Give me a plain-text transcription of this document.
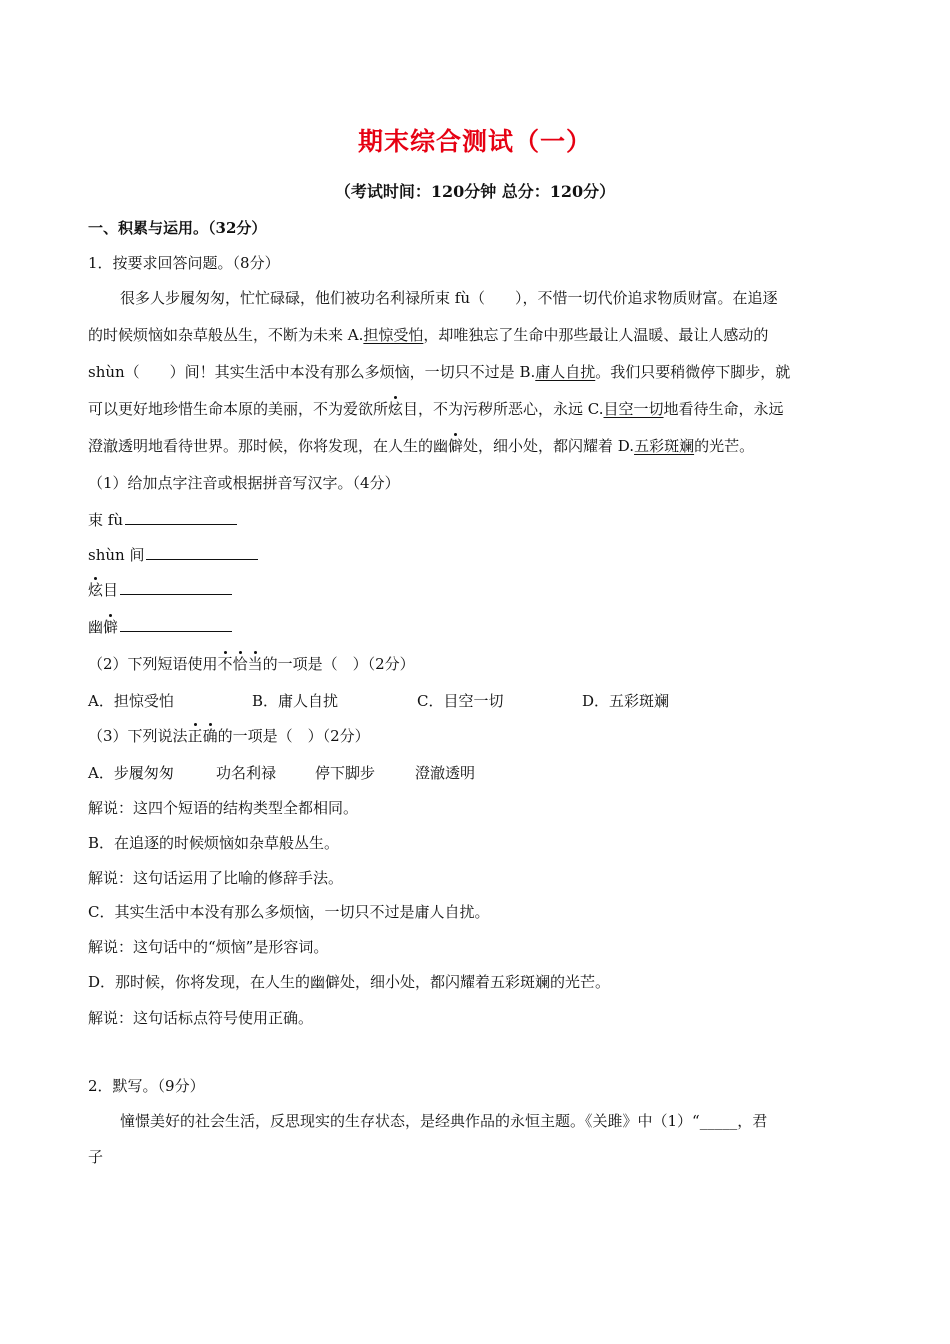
期末综合测试（一）
（考试时间：120分钟 总分：120分）
一、积累与运用。（32分）
1．按要求回答问题。（8分）
很多人步履匆匆，忙忙碌碌，他们被功名利禄所束 fù（　　），不惜一切代价追求物质财富。在追逐
的时候烦恼如杂草般丛生，不断为未来 A.担惊受怕，却唯独忘了生命中那些最让人温暖、最让人感动的
shùn（　　）间！其实生活中本没有那么多烦恼，一切只不过是 B.庸人自扰。我们只要稍微停下脚步，就
可以更好地珍惜生命本原的美丽，不为爱欲所炫目，不为污秽所恶心，永远 C.目空一切地看待生命，永远
澄澈透明地看待世界。那时候，你将发现，在人生的幽僻处，细小处，都闪耀着 D.五彩斑斓的光芒。
（1）给加点字注音或根据拼音写汉字。（4分）
束 fù
shùn 间
炫目
幽僻
（2）下列短语使用不恰当的一项是（　）（2分）
A．担惊受怕	B．庸人自扰	C．目空一切	D．五彩斑斓
（3）下列说法正确的一项是（　）（2分）
A．步履匆匆	功名利禄	停下脚步	澄澈透明
解说：这四个短语的结构类型全都相同。
B．在追逐的时候烦恼如杂草般丛生。
解说：这句话运用了比喻的修辞手法。
C．其实生活中本没有那么多烦恼，一切只不过是庸人自扰。
解说：这句话中的“烦恼”是形容词。
D．那时候，你将发现，在人生的幽僻处，细小处，都闪耀着五彩斑斓的光芒。
解说：这句话标点符号使用正确。
2．默写。（9分）
憧憬美好的社会生活，反思现实的生存状态，是经典作品的永恒主题。《关雎》中（1）“_____，君
子
